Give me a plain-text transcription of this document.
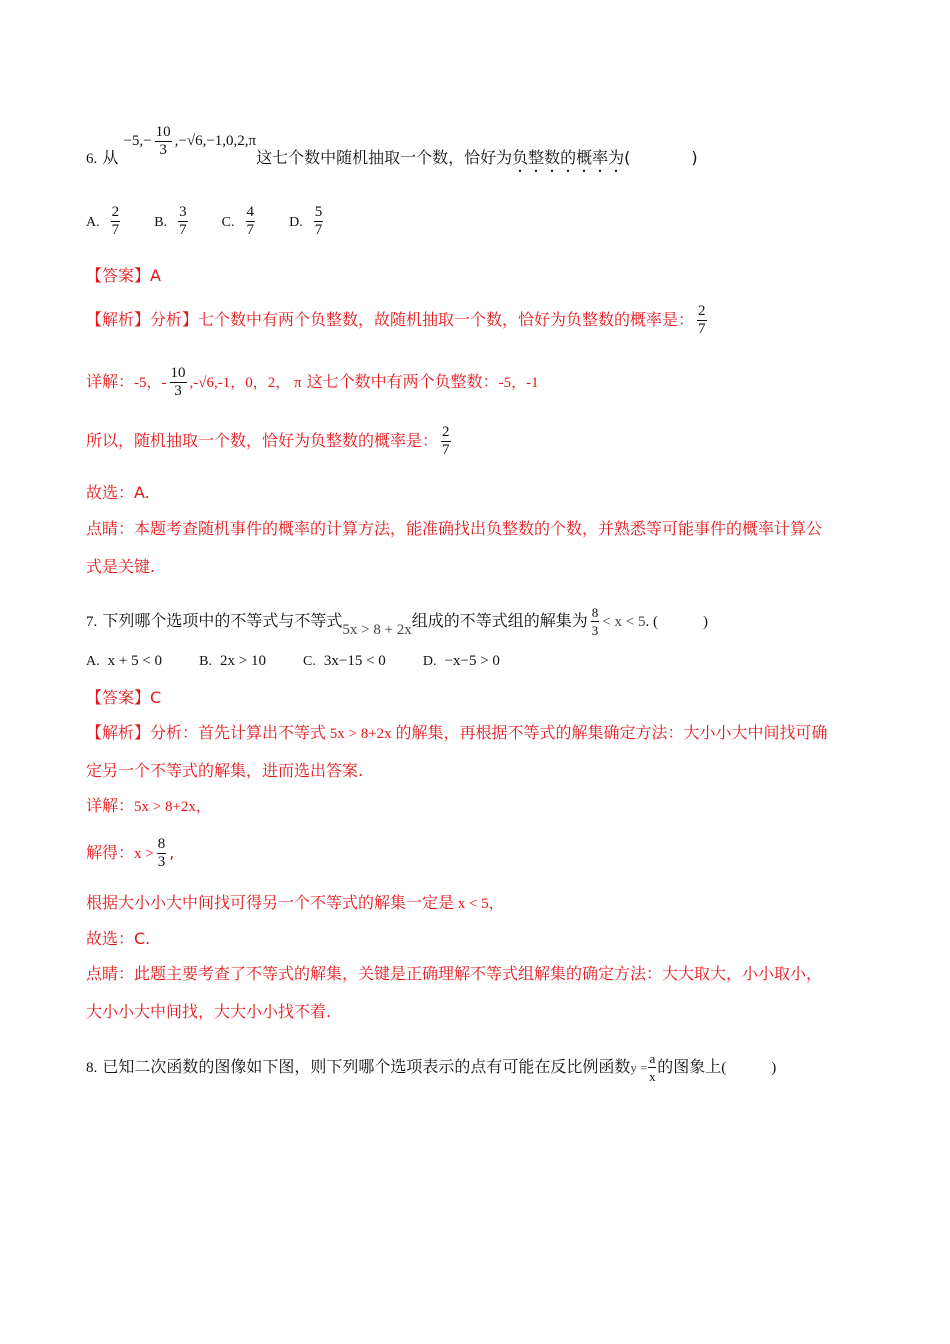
6. 从 $-5,- \frac{10}{3} ,-√6,-1,0,2,\pi$这七个数中随机抽取一个数，恰好为负整数的概率为(            )
A. $\frac{2}{7} B$. $\frac{3}{7} C$. $\frac{4}{7} D$. $\frac{5}{7}$
【答案】A
【解析】分析】七个数中有两个负整数，故随机抽取一个数，恰好为负整数的概率是： $\frac{2}{7}$
详解：-5，- $\frac{10}{3} ,-√6,-1$，0，2， π 这七个数中有两个负整数：-5，-1
所以，随机抽取一个数，恰好为负整数的概率是： $\frac{2}{7}$
故选：A.
点睛：本题考查随机事件的概率的计算方法，能准确找出负整数的个数，并熟悉等可能事件的概率计算公
式是关键.
7. 下列哪个选项中的不等式与不等式5x > 8 + 2x组成的不等式组的解集为 $\frac{8}{3} < x < 5$. (            )
A. x + 5 < 0	B. 2x > 10	C. 3x−15 < 0	D. −x−5 > 0
【答案】C
【解析】分析：首先计算出不等式 5x > 8+2x 的解集，再根据不等式的解集确定方法：大小小大中间找可确
定另一个不等式的解集，进而选出答案.
详解：5x > 8+2x，
解得：$x > \frac{8}{3}$ ,
根据大小小大中间找可得另一个不等式的解集一定是 x < 5，
故选：C.
点睛：此题主要考查了不等式的解集，关键是正确理解不等式组解集的确定方法：大大取大，小小取小，
大小小大中间找，大大小小找不着.
8. 已知二次函数的图像如下图，则下列哪个选项表示的点有可能在反比例函数$y = \frac{a}{x}$ 的图象上(            )
